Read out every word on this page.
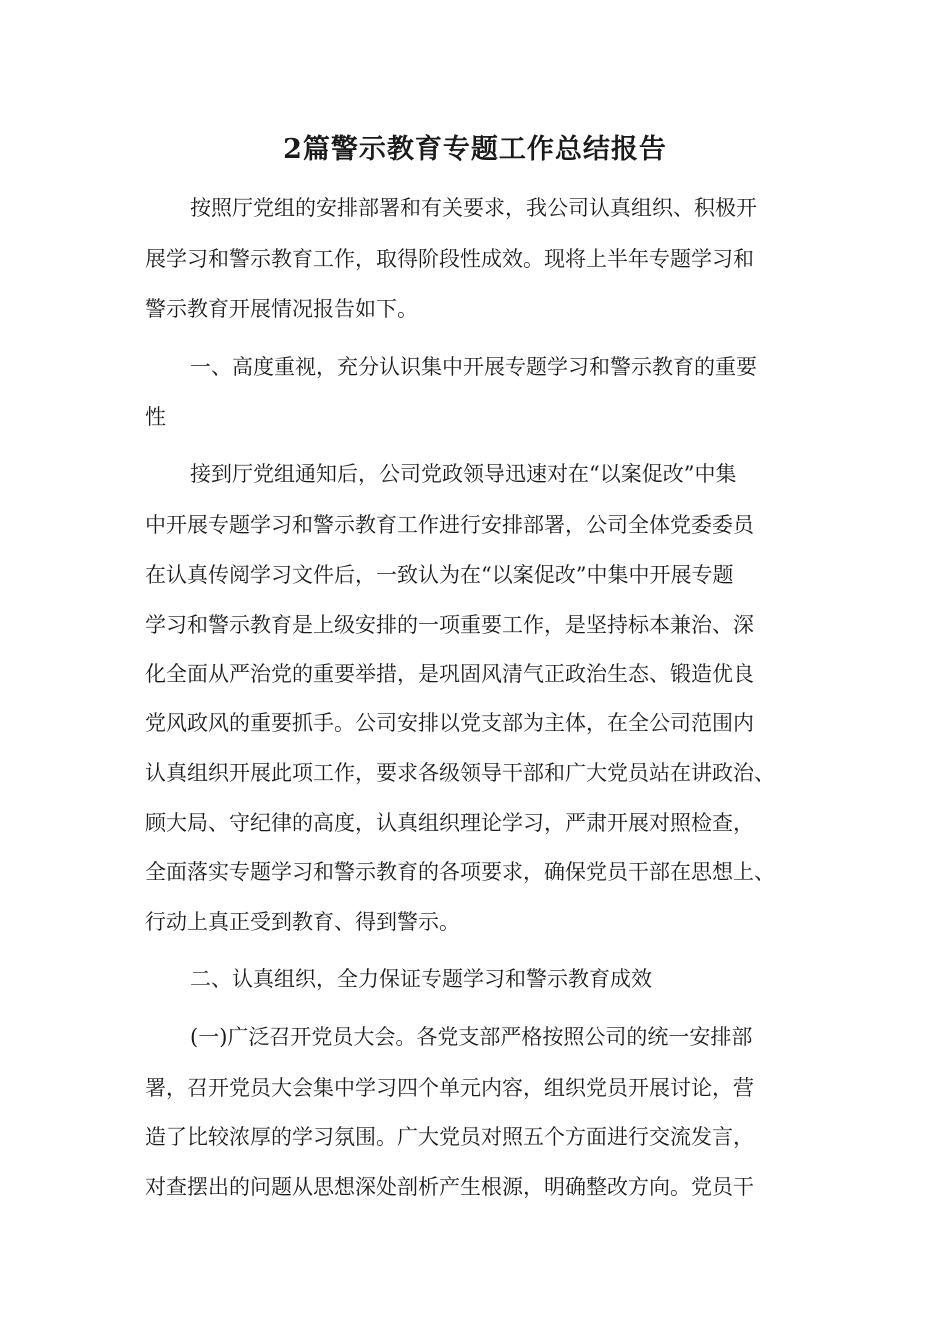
2篇警示教育专题工作总结报告

按照厅党组的安排部署和有关要求，我公司认真组织、积极开

展学习和警示教育工作，取得阶段性成效。现将上半年专题学习和

警示教育开展情况报告如下。

一、高度重视，充分认识集中开展专题学习和警示教育的重要

性

接到厅党组通知后，公司党政领导迅速对在“以案促改”中集

中开展专题学习和警示教育工作进行安排部署，公司全体党委委员

在认真传阅学习文件后，一致认为在“以案促改”中集中开展专题

学习和警示教育是上级安排的一项重要工作，是坚持标本兼治、深

化全面从严治党的重要举措，是巩固风清气正政治生态、锻造优良

党风政风的重要抓手。公司安排以党支部为主体，在全公司范围内

认真组织开展此项工作，要求各级领导干部和广大党员站在讲政治、

顾大局、守纪律的高度，认真组织理论学习，严肃开展对照检查，

全面落实专题学习和警示教育的各项要求，确保党员干部在思想上、

行动上真正受到教育、得到警示。

二、认真组织，全力保证专题学习和警示教育成效

(一)广泛召开党员大会。各党支部严格按照公司的统一安排部

署，召开党员大会集中学习四个单元内容，组织党员开展讨论，营

造了比较浓厚的学习氛围。广大党员对照五个方面进行交流发言，

对查摆出的问题从思想深处剖析产生根源，明确整改方向。党员干
